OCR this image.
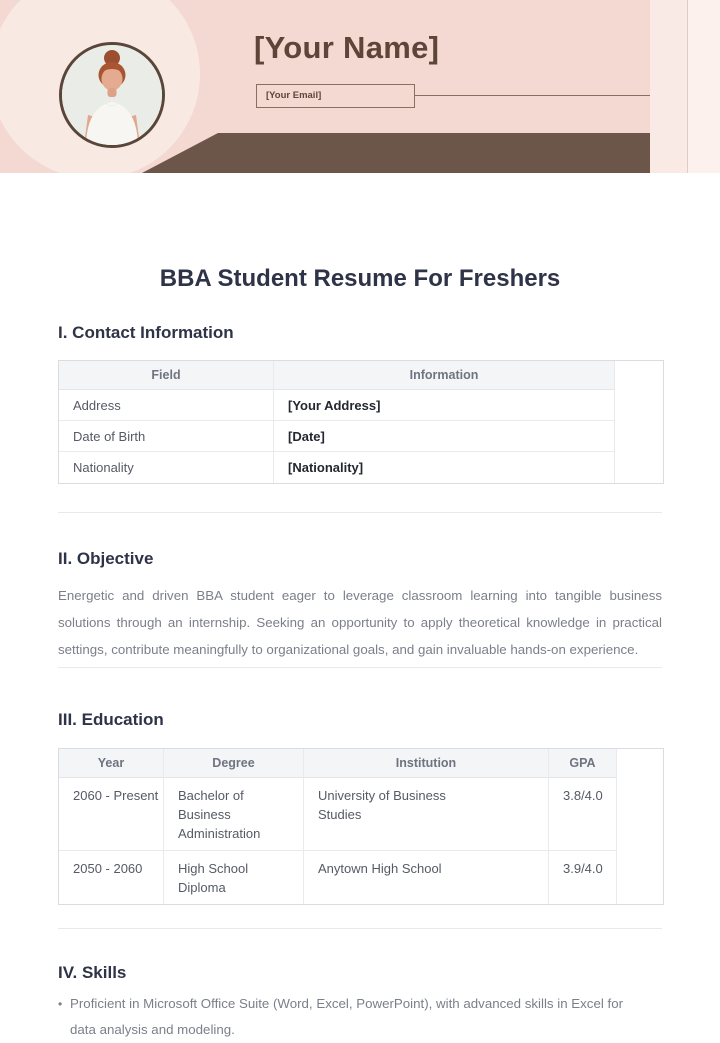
[Your Name]
[Your Email]
BBA Student Resume For Freshers
I. Contact Information
Field	Information	
Address	[Your Address]	
Date of Birth	[Date]	
Nationality	[Nationality]	
II. Objective

Energetic and driven BBA student eager to leverage classroom learning into tangible business solutions through an internship. Seeking an opportunity to apply theoretical knowledge in practical settings, contribute meaningfully to organizational goals, and gain invaluable hands-on experience.

III. Education
Year	Degree	Institution	GPA	
2060 - Present	Bachelor of Business Administration	University of Business Studies	3.8/4.0	
2050 - 2060	High School Diploma	Anytown High School	3.9/4.0	
IV. Skills
• Proficient in Microsoft Office Suite (Word, Excel, PowerPoint), with advanced skills in Excel for data analysis and modeling.
